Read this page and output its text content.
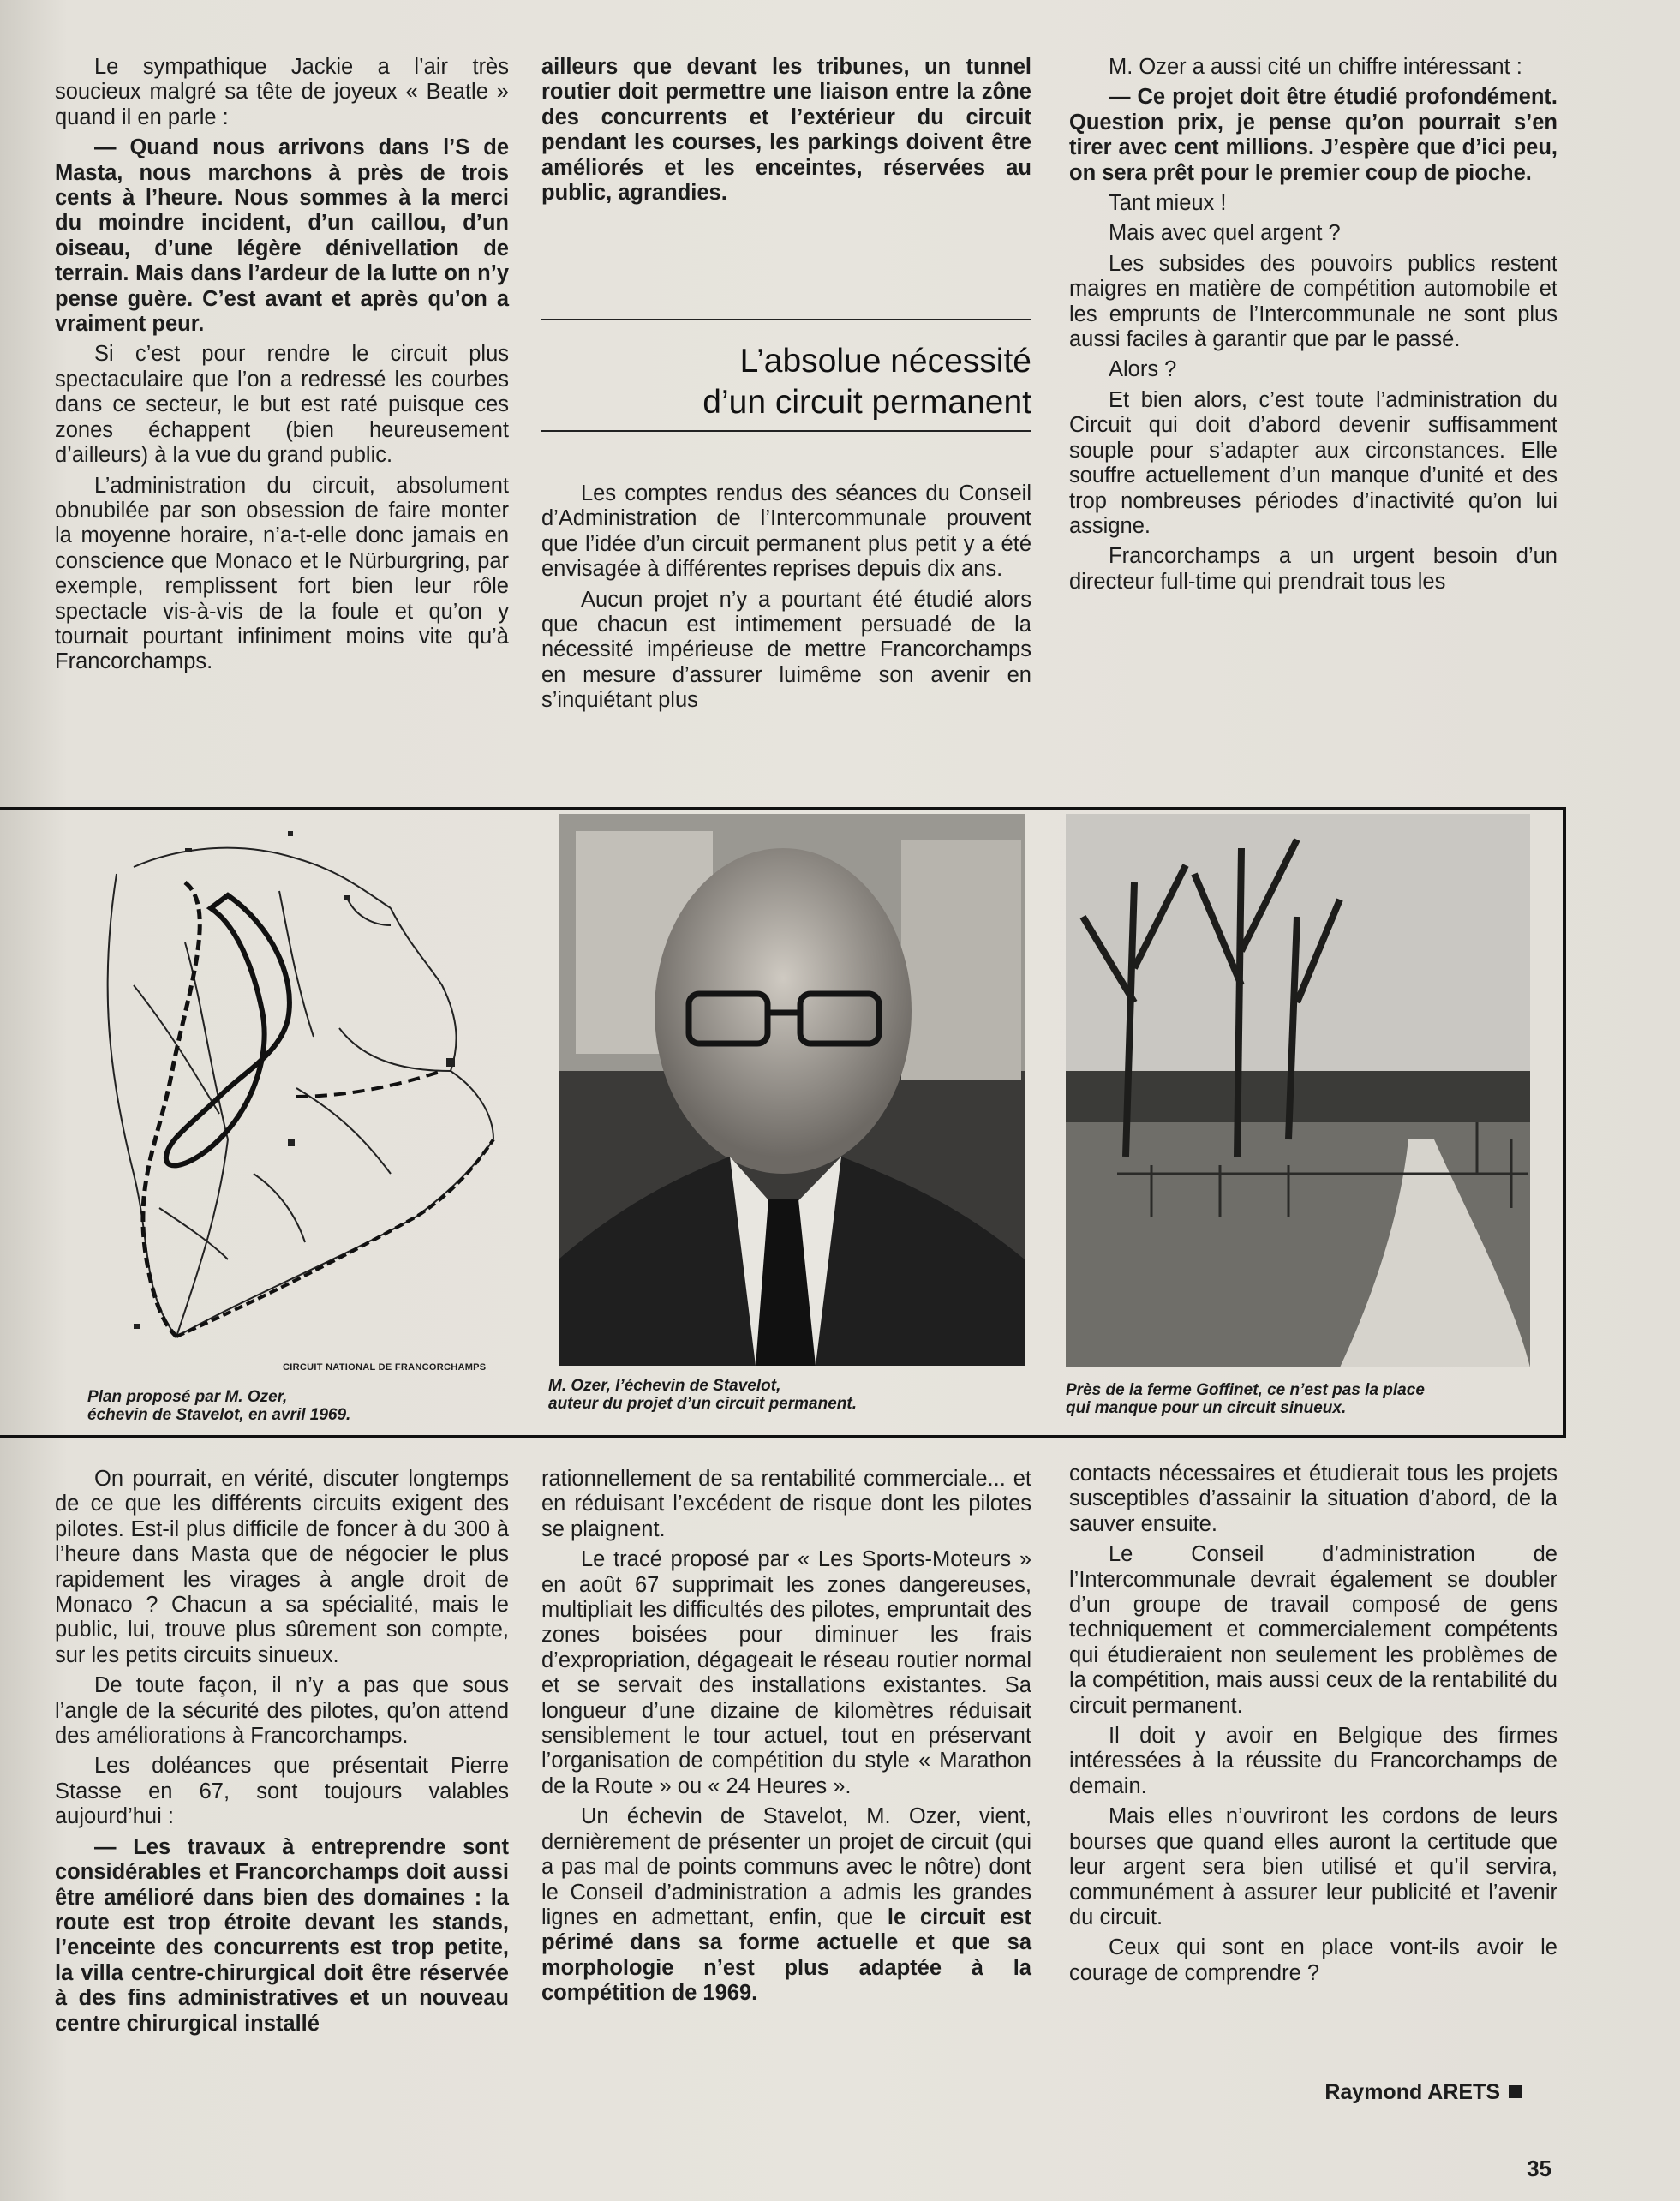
Le sympathique Jackie a l’air très soucieux malgré sa tête de joyeux « Beatle » quand il en parle :

— Quand nous arrivons dans l’S de Masta, nous marchons à près de trois cents à l’heure. Nous sommes à la merci du moindre incident, d’un caillou, d’un oiseau, d’une légère dénivellation de terrain. Mais dans l’ardeur de la lutte on n’y pense guère. C’est avant et après qu’on a vraiment peur.

Si c’est pour rendre le circuit plus spectaculaire que l’on a redressé les courbes dans ce secteur, le but est raté puisque ces zones échappent (bien heureusement d’ailleurs) à la vue du grand public.

L’administration du circuit, absolument obnubilée par son obsession de faire monter la moyenne horaire, n’a-t-elle donc jamais en conscience que Monaco et le Nürburgring, par exemple, remplissent fort bien leur rôle spectacle vis-à-vis de la foule et qu’on y tournait pourtant infiniment moins vite qu’à Francorchamps.

ailleurs que devant les tribunes, un tunnel routier doit permettre une liaison entre la zône des concurrents et l’extérieur du circuit pendant les courses, les parkings doivent être améliorés et les enceintes, réservées au public, agrandies.

L’absolue nécessité
d’un circuit permanent

Les comptes rendus des séances du Conseil d’Administration de l’Intercommunale prouvent que l’idée d’un circuit permanent plus petit y a été envisagée à différentes reprises depuis dix ans.

Aucun projet n’y a pourtant été étudié alors que chacun est intimement persuadé de la nécessité impérieuse de mettre Francorchamps en mesure d’assurer luimême son avenir en s’inquiétant plus

M. Ozer a aussi cité un chiffre intéressant :

— Ce projet doit être étudié profondément. Question prix, je pense qu’on pourrait s’en tirer avec cent millions. J’espère que d’ici peu, on sera prêt pour le premier coup de pioche.

Tant mieux !

Mais avec quel argent ?

Les subsides des pouvoirs publics restent maigres en matière de compétition automobile et les emprunts de l’Intercommunale ne sont plus aussi faciles à garantir que par le passé.

Alors ?

Et bien alors, c’est toute l’administration du Circuit qui doit d’abord devenir suffisamment souple pour s’adapter aux circonstances. Elle souffre actuellement d’un manque d’unité et des trop nombreuses périodes d’inactivité qu’on lui assigne.

Francorchamps a un urgent besoin d’un directeur full-time qui prendrait tous les

CIRCUIT NATIONAL DE FRANCORCHAMPS
Plan proposé par M. Ozer,
échevin de Stavelot, en avril 1969.
M. Ozer, l’échevin de Stavelot,
auteur du projet d’un circuit permanent.
Près de la ferme Goffinet, ce n’est pas la place
qui manque pour un circuit sinueux.

On pourrait, en vérité, discuter longtemps de ce que les différents circuits exigent des pilotes. Est-il plus difficile de foncer à du 300 à l’heure dans Masta que de négocier le plus rapidement les virages à angle droit de Monaco ? Chacun a sa spécialité, mais le public, lui, trouve plus sûrement son compte, sur les petits circuits sinueux.

De toute façon, il n’y a pas que sous l’angle de la sécurité des pilotes, qu’on attend des améliorations à Francorchamps.

Les doléances que présentait Pierre Stasse en 67, sont toujours valables aujourd’hui :

— Les travaux à entreprendre sont considérables et Francorchamps doit aussi être amélioré dans bien des domaines : la route est trop étroite devant les stands, l’enceinte des concurrents est trop petite, la villa centre-chirurgical doit être réservée à des fins administratives et un nouveau centre chirurgical installé

rationnellement de sa rentabilité commerciale... et en réduisant l’excédent de risque dont les pilotes se plaignent.

Le tracé proposé par « Les Sports-Moteurs » en août 67 supprimait les zones dangereuses, multipliait les difficultés des pilotes, empruntait des zones boisées pour diminuer les frais d’expropriation, dégageait le réseau routier normal et se servait des installations existantes. Sa longueur d’une dizaine de kilomètres réduisait sensiblement le tour actuel, tout en préservant l’organisation de compétition du style « Marathon de la Route » ou « 24 Heures ».

Un échevin de Stavelot, M. Ozer, vient, dernièrement de présenter un projet de circuit (qui a pas mal de points communs avec le nôtre) dont le Conseil d’administration a admis les grandes lignes en admettant, enfin, que le circuit est périmé dans sa forme actuelle et que sa morphologie n’est plus adaptée à la compétition de 1969.

contacts nécessaires et étudierait tous les projets susceptibles d’assainir la situation d’abord, de la sauver ensuite.

Le Conseil d’administration de l’Intercommunale devrait également se doubler d’un groupe de travail composé de gens techniquement et commercialement compétents qui étudieraient non seulement les problèmes de la compétition, mais aussi ceux de la rentabilité du circuit permanent.

Il doit y avoir en Belgique des firmes intéressées à la réussite du Francorchamps de demain.

Mais elles n’ouvriront les cordons de leurs bourses que quand elles auront la certitude que leur argent sera bien utilisé et qu’il servira, communément à assurer leur publicité et l’avenir du circuit.

Ceux qui sont en place vont-ils avoir le courage de comprendre ?

Raymond ARETS
35
